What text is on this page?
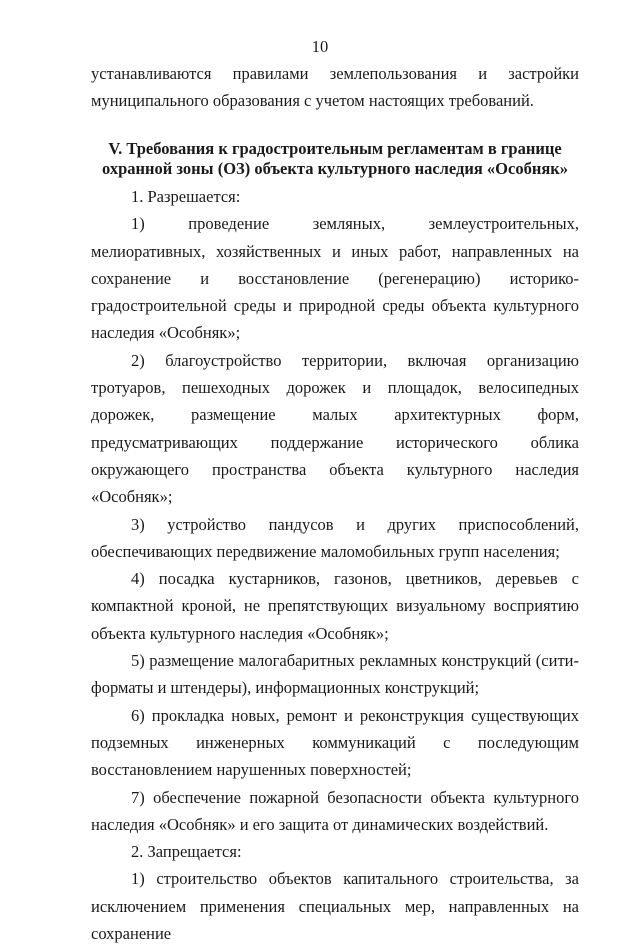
10

устанавливаются правилами землепользования и застройки

муниципального образования с учетом настоящих требований.

V. Требования к градостроительным регламентам в границе охранной зоны (ОЗ) объекта культурного наследия «Особняк»

1. Разрешается:

1) проведение земляных, землеустроительных, мелиоративных, хозяйственных и иных работ, направленных на сохранение и восстановление (регенерацию) историко-градостроительной среды и природной среды объекта культурного наследия «Особняк»;

2) благоустройство территории, включая организацию тротуаров, пешеходных дорожек и площадок, велосипедных дорожек, размещение малых архитектурных форм, предусматривающих поддержание исторического облика окружающего пространства объекта культурного наследия «Особняк»;

3) устройство пандусов и других приспособлений, обеспечивающих передвижение маломобильных групп населения;

4) посадка кустарников, газонов, цветников, деревьев с компактной кроной, не препятствующих визуальному восприятию объекта культурного наследия «Особняк»;

5) размещение малогабаритных рекламных конструкций (сити-форматы и штендеры), информационных конструкций;

6) прокладка новых, ремонт и реконструкция существующих подземных инженерных коммуникаций с последующим восстановлением нарушенных поверхностей;

7) обеспечение пожарной безопасности объекта культурного наследия «Особняк» и его защита от динамических воздействий.

2. Запрещается:

1) строительство объектов капитального строительства, за исключением применения специальных мер, направленных на сохранение
